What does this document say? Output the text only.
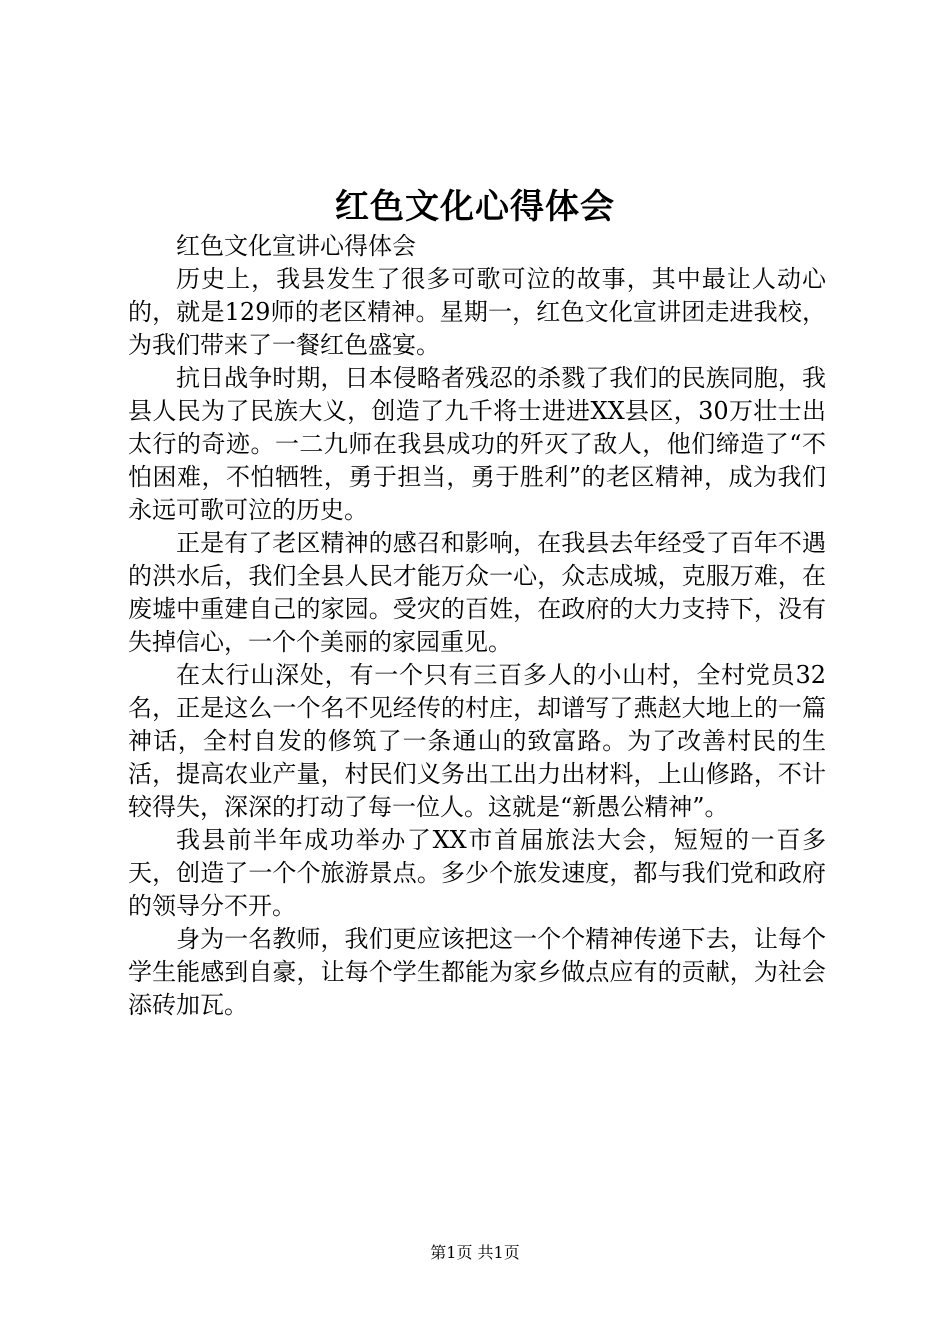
红色文化心得体会

红色文化宣讲心得体会

历史上，我县发生了很多可歌可泣的故事，其中最让人动心的，就是129师的老区精神。星期一，红色文化宣讲团走进我校，为我们带来了一餐红色盛宴。

抗日战争时期，日本侵略者残忍的杀戮了我们的民族同胞，我县人民为了民族大义，创造了九千将士进进XX县区，30万壮士出太行的奇迹。一二九师在我县成功的歼灭了敌人，他们缔造了“不怕困难，不怕牺牲，勇于担当，勇于胜利”的老区精神，成为我们永远可歌可泣的历史。

正是有了老区精神的感召和影响，在我县去年经受了百年不遇的洪水后，我们全县人民才能万众一心，众志成城，克服万难，在废墟中重建自己的家园。受灾的百姓，在政府的大力支持下，没有失掉信心，一个个美丽的家园重见。

在太行山深处，有一个只有三百多人的小山村，全村党员32名，正是这么一个名不见经传的村庄，却谱写了燕赵大地上的一篇神话，全村自发的修筑了一条通山的致富路。为了改善村民的生活，提高农业产量，村民们义务出工出力出材料，上山修路，不计较得失，深深的打动了每一位人。这就是“新愚公精神”。

我县前半年成功举办了XX市首届旅法大会，短短的一百多天，创造了一个个旅游景点。多少个旅发速度，都与我们党和政府的领导分不开。

身为一名教师，我们更应该把这一个个精神传递下去，让每个学生能感到自豪，让每个学生都能为家乡做点应有的贡献，为社会添砖加瓦。

第1页 共1页
